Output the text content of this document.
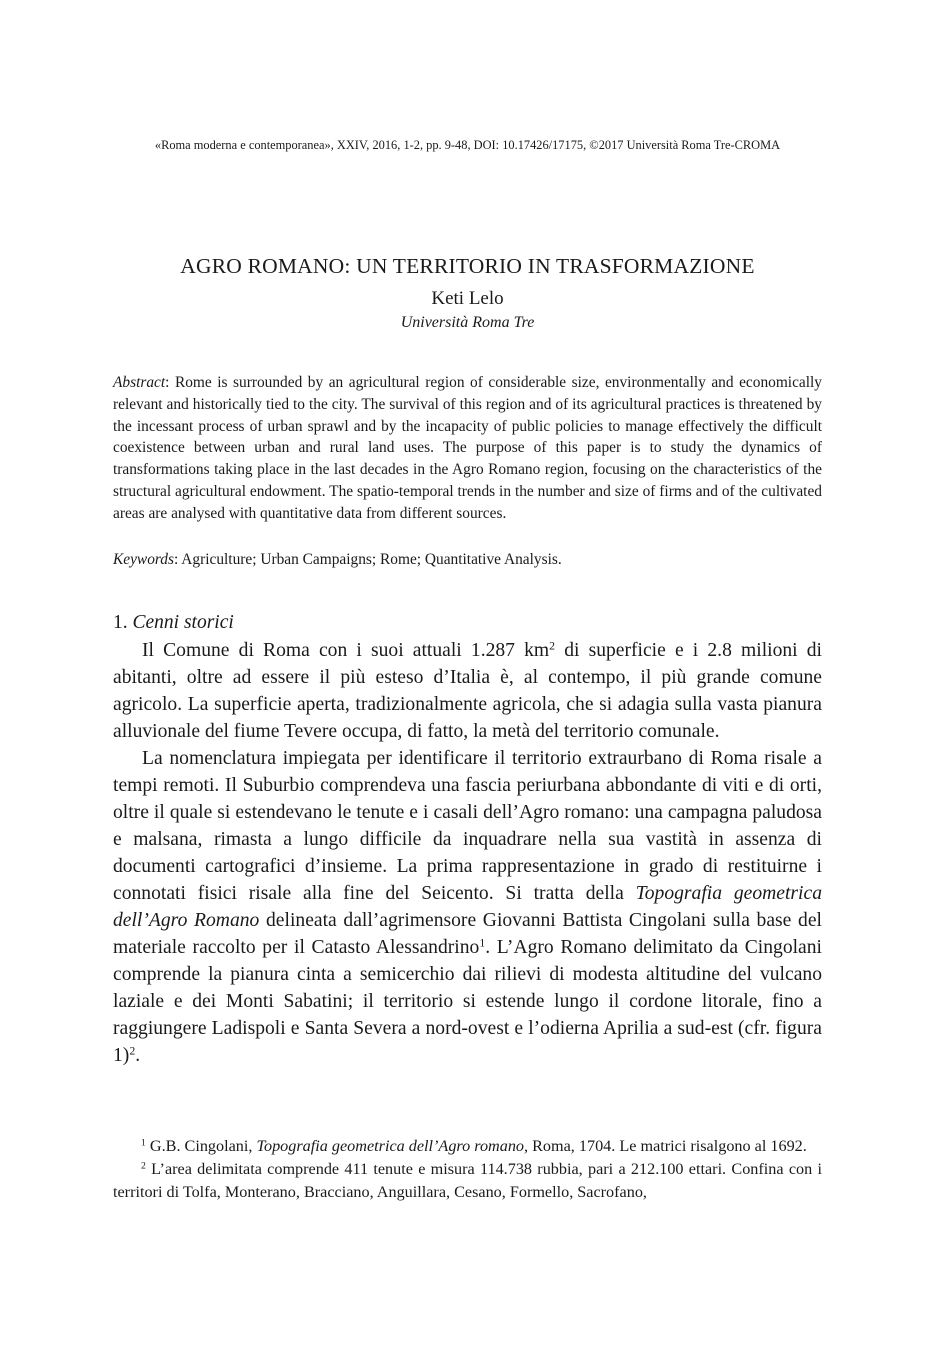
«Roma moderna e contemporanea», XXIV, 2016, 1-2, pp. 9-48, DOI: 10.17426/17175, ©2017 Università Roma Tre-CROMA
AGRO ROMANO: UN TERRITORIO IN TRASFORMAZIONE
Keti Lelo
Università Roma Tre
Abstract: Rome is surrounded by an agricultural region of considerable size, environmentally and economically relevant and historically tied to the city. The survival of this region and of its agricultural practices is threatened by the incessant process of urban sprawl and by the incapacity of public policies to manage effectively the difficult coexistence between urban and rural land uses. The purpose of this paper is to study the dynamics of transformations taking place in the last decades in the Agro Romano region, focusing on the characteristics of the structural agricultural endowment. The spatio-temporal trends in the number and size of firms and of the cultivated areas are analysed with quantitative data from different sources.
Keywords: Agriculture; Urban Campaigns; Rome; Quantitative Analysis.
1. Cenni storici

Il Comune di Roma con i suoi attuali 1.287 $km^2$ di superficie e i 2.8 milioni di abitanti, oltre ad essere il più esteso d’Italia è, al contempo, il più grande comune agricolo. La superficie aperta, tradizionalmente agricola, che si adagia sulla vasta pianura alluvionale del fiume Tevere occupa, di fatto, la metà del territorio comunale.

La nomenclatura impiegata per identificare il territorio extraurbano di Roma risale a tempi remoti. Il Suburbio comprendeva una fascia periurbana abbondante di viti e di orti, oltre il quale si estendevano le tenute e i casali dell’Agro romano: una campagna paludosa e malsana, rimasta a lungo difficile da inquadrare nella sua vastità in assenza di documenti cartografici d’insieme. La prima rappresentazione in grado di restituirne i connotati fisici risale alla fine del Seicento. Si tratta della Topografia geometrica dell’Agro Romano delineata dall’agrimensore Giovanni Battista Cingolani sulla base del materiale raccolto per il Catasto Alessandrino$^1$. L’Agro Romano delimitato da Cingolani comprende la pianura cinta a semicerchio dai rilievi di modesta altitudine del vulcano laziale e dei Monti Sabatini; il territorio si estende lungo il cordone litorale, fino a raggiungere Ladispoli e Santa Severa a nord-ovest e l’odierna Aprilia a sud-est (cfr. figura 1)$^2$.

$^1$ G.B. Cingolani, Topografia geometrica dell’Agro romano, Roma, 1704. Le matrici risalgono al 1692.

$^2$ L’area delimitata comprende 411 tenute e misura 114.738 rubbia, pari a 212.100 ettari. Confina con i territori di Tolfa, Monterano, Bracciano, Anguillara, Cesano, Formello, Sacrofano,
